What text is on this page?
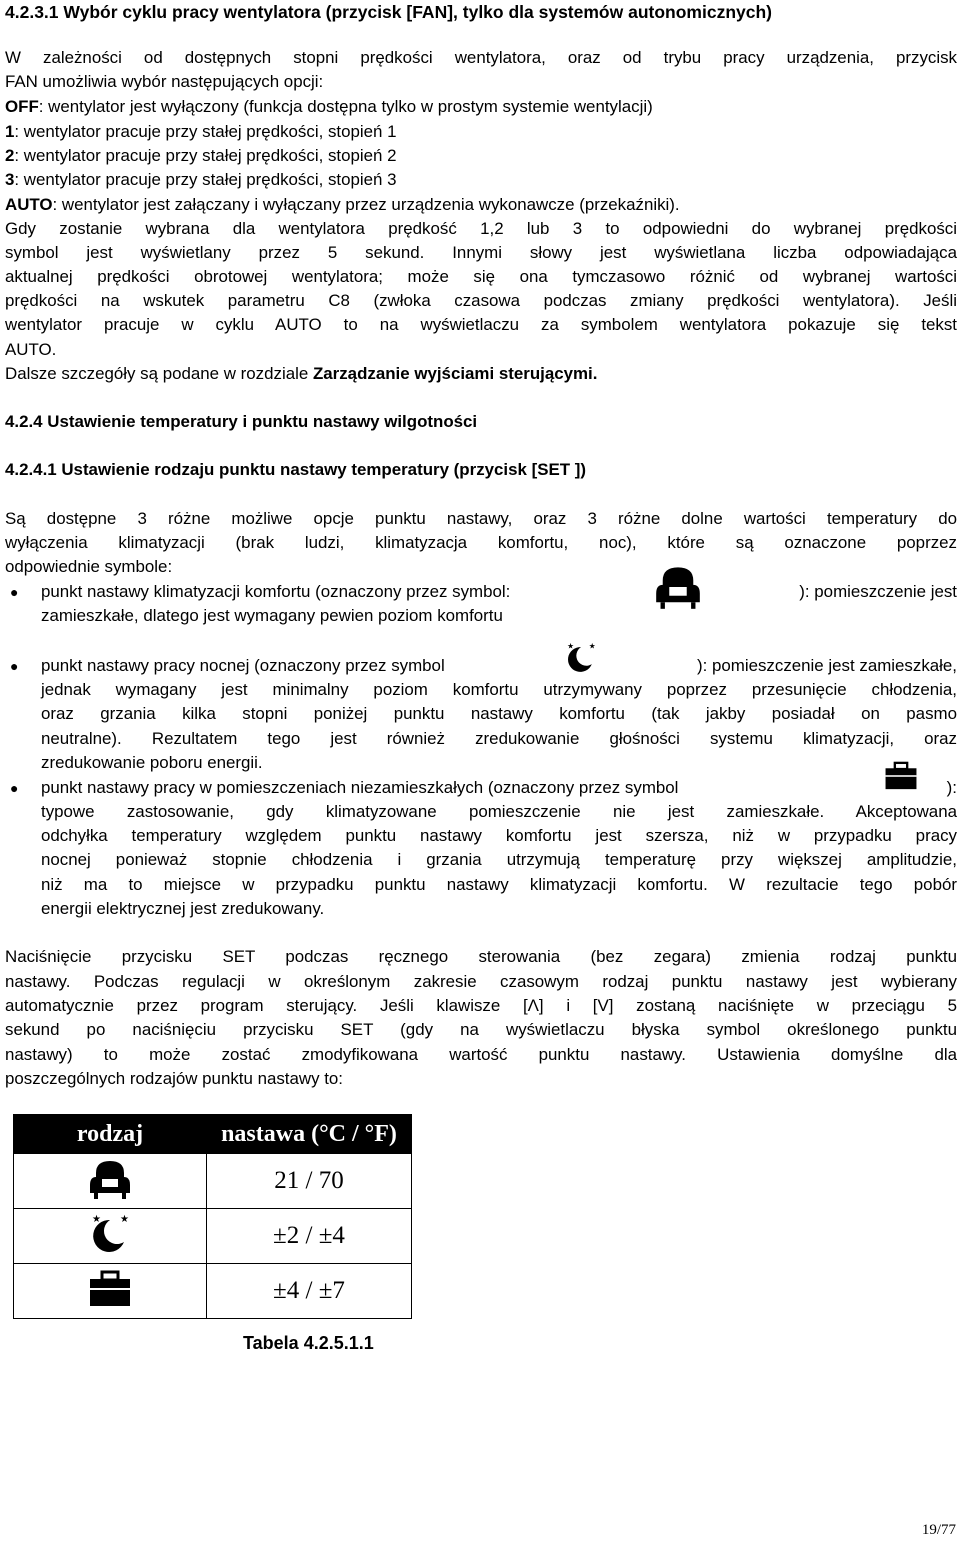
4.2.3.1 Wybór cyklu pracy wentylatora (przycisk [FAN], tylko dla systemów autonomicznych)
W zależności od dostępnych stopni prędkości wentylatora, oraz od trybu pracy urządzenia, przycisk
FAN umożliwia wybór następujących opcji:
OFF: wentylator jest wyłączony (funkcja dostępna tylko w prostym systemie wentylacji)
1: wentylator pracuje przy stałej prędkości, stopień 1
2: wentylator pracuje przy stałej prędkości, stopień 2
3: wentylator pracuje przy stałej prędkości, stopień 3
AUTO: wentylator jest załączany i wyłączany przez urządzenia wykonawcze (przekaźniki).
Gdy zostanie wybrana dla wentylatora prędkość 1,2 lub 3 to odpowiedni do wybranej prędkości
symbol jest wyświetlany przez 5 sekund. Innymi słowy jest wyświetlana liczba odpowiadająca
aktualnej prędkości obrotowej wentylatora; może się ona tymczasowo różnić od wybranej wartości
prędkości na wskutek parametru C8 (zwłoka czasowa podczas zmiany prędkości wentylatora). Jeśli
wentylator pracuje w cyklu AUTO to na wyświetlaczu za symbolem wentylatora pokazuje się tekst
AUTO.
Dalsze szczegóły są podane w rozdziale Zarządzanie wyjściami sterującymi.
4.2.4 Ustawienie temperatury i punktu nastawy wilgotności
4.2.4.1 Ustawienie rodzaju punktu nastawy temperatury (przycisk [SET ])
Są dostępne 3 różne możliwe opcje punktu nastawy, oraz 3 różne dolne wartości temperatury do
wyłączenia klimatyzacji (brak ludzi, klimatyzacja komfortu, noc), które są oznaczone poprzez
odpowiednie symbole:
● punkt nastawy klimatyzacji komfortu (oznaczony przez symbol:	): pomieszczenie jest
zamieszkałe, dlatego jest wymagany pewien poziom komfortu
● punkt nastawy pracy nocnej (oznaczony przez symbol	): pomieszczenie jest zamieszkałe,
jednak wymagany jest minimalny poziom komfortu utrzymywany poprzez przesunięcie chłodzenia,
oraz grzania kilka stopni poniżej punktu nastawy komfortu (tak jakby posiadał on pasmo
neutralne). Rezultatem tego jest również zredukowanie głośności systemu klimatyzacji, oraz
zredukowanie poboru energii.
● punkt nastawy pracy w pomieszczeniach niezamieszkałych (oznaczony przez symbol	):
typowe zastosowanie, gdy klimatyzowane pomieszczenie nie jest zamieszkałe. Akceptowana
odchyłka temperatury względem punktu nastawy komfortu jest szersza, niż w przypadku pracy
nocnej ponieważ stopnie chłodzenia i grzania utrzymują temperaturę przy większej amplitudzie,
niż ma to miejsce w przypadku punktu nastawy klimatyzacji komfortu. W rezultacie tego pobór
energii elektrycznej jest zredukowany.
Naciśnięcie przycisku SET podczas ręcznego sterowania (bez zegara) zmienia rodzaj punktu
nastawy. Podczas regulacji w określonym zakresie czasowym rodzaj punktu nastawy jest wybierany
automatycznie przez program sterujący. Jeśli klawisze [Λ] i [V] zostaną naciśnięte w przeciągu 5
sekund po naciśnięciu przycisku SET (gdy na wyświetlaczu błyska symbol określonego punktu
nastawy) to może zostać zmodyfikowana wartość punktu nastawy. Ustawienia domyślne dla
poszczególnych rodzajów punktu nastawy to:
rodzaj	nastawa (°C / °F)
	21 / 70
	±2 / ±4
	±4 / ±7
Tabela 4.2.5.1.1
19/77
